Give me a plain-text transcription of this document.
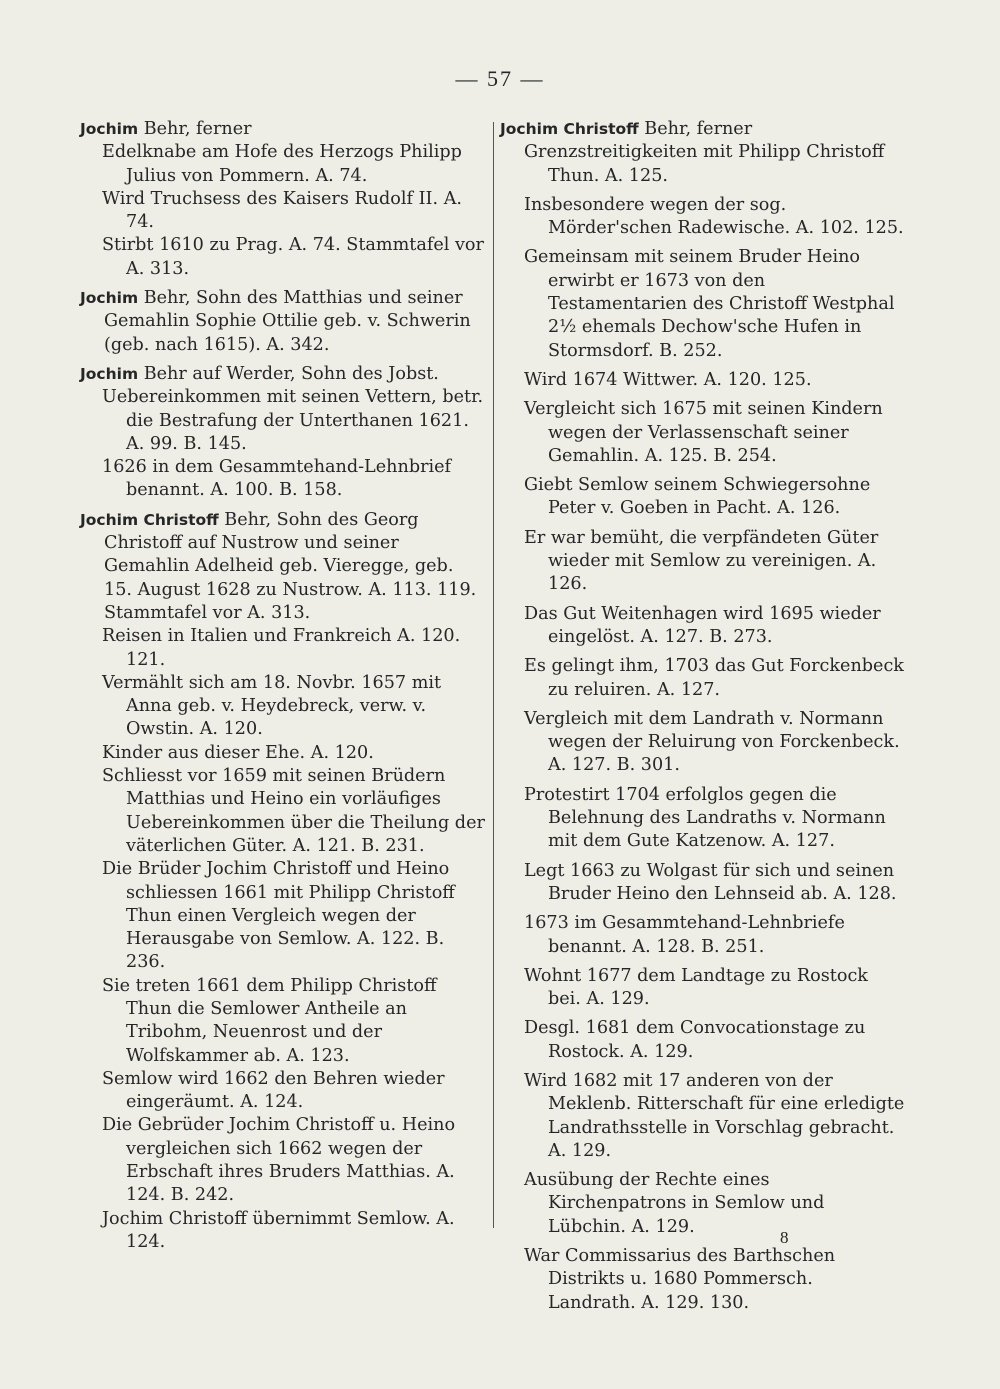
— 57 —
Jochim Behr, ferner
Edelknabe am Hofe des Herzogs Philipp Julius von Pommern. A. 74.
Wird Truchsess des Kaisers Rudolf II. A. 74.
Stirbt 1610 zu Prag. A. 74. Stammtafel vor A. 313.
Jochim Behr, Sohn des Matthias und seiner Gemahlin Sophie Ottilie geb. v. Schwerin (geb. nach 1615). A. 342.
Jochim Behr auf Werder, Sohn des Jobst.
Uebereinkommen mit seinen Vettern, betr. die Bestrafung der Unterthanen 1621. A. 99. B. 145.
1626 in dem Gesammtehand-Lehnbrief benannt. A. 100. B. 158.
Jochim Christoff Behr, Sohn des Georg Christoff auf Nustrow und seiner Gemahlin Adelheid geb. Vieregge, geb. 15. August 1628 zu Nustrow. A. 113. 119. Stammtafel vor A. 313.
Reisen in Italien und Frankreich A. 120. 121.
Vermählt sich am 18. Novbr. 1657 mit Anna geb. v. Heydebreck, verw. v. Owstin. A. 120.
Kinder aus dieser Ehe. A. 120.
Schliesst vor 1659 mit seinen Brüdern Matthias und Heino ein vorläufiges Uebereinkommen über die Theilung der väterlichen Güter. A. 121. B. 231.
Die Brüder Jochim Christoff und Heino schliessen 1661 mit Philipp Christoff Thun einen Vergleich wegen der Herausgabe von Semlow. A. 122. B. 236.
Sie treten 1661 dem Philipp Christoff Thun die Semlower Antheile an Tribohm, Neuenrost und der Wolfskammer ab. A. 123.
Semlow wird 1662 den Behren wieder eingeräumt. A. 124.
Die Gebrüder Jochim Christoff u. Heino vergleichen sich 1662 wegen der Erbschaft ihres Bruders Matthias. A. 124. B. 242.
Jochim Christoff übernimmt Semlow. A. 124.
Jochim Christoff Behr, ferner
Grenzstreitigkeiten mit Philipp Christoff Thun. A. 125.
Insbesondere wegen der sog. Mörder'schen Radewische. A. 102. 125.
Gemeinsam mit seinem Bruder Heino erwirbt er 1673 von den Testamentarien des Christoff Westphal 2½ ehemals Dechow'sche Hufen in Stormsdorf. B. 252.
Wird 1674 Wittwer. A. 120. 125.
Vergleicht sich 1675 mit seinen Kindern wegen der Verlassenschaft seiner Gemahlin. A. 125. B. 254.
Giebt Semlow seinem Schwiegersohne Peter v. Goeben in Pacht. A. 126.
Er war bemüht, die verpfändeten Güter wieder mit Semlow zu vereinigen. A. 126.
Das Gut Weitenhagen wird 1695 wieder eingelöst. A. 127. B. 273.
Es gelingt ihm, 1703 das Gut Forckenbeck zu reluiren. A. 127.
Vergleich mit dem Landrath v. Normann wegen der Reluirung von Forckenbeck. A. 127. B. 301.
Protestirt 1704 erfolglos gegen die Belehnung des Landraths v. Normann mit dem Gute Katzenow. A. 127.
Legt 1663 zu Wolgast für sich und seinen Bruder Heino den Lehnseid ab. A. 128.
1673 im Gesammtehand-Lehnbriefe benannt. A. 128. B. 251.
Wohnt 1677 dem Landtage zu Rostock bei. A. 129.
Desgl. 1681 dem Convocationstage zu Rostock. A. 129.
Wird 1682 mit 17 anderen von der Meklenb. Ritterschaft für eine erledigte Landrathsstelle in Vorschlag gebracht. A. 129.
Ausübung der Rechte eines Kirchenpatrons in Semlow und Lübchin. A. 129.
War Commissarius des Barthschen Distrikts u. 1680 Pommersch. Landrath. A. 129. 130.
8
